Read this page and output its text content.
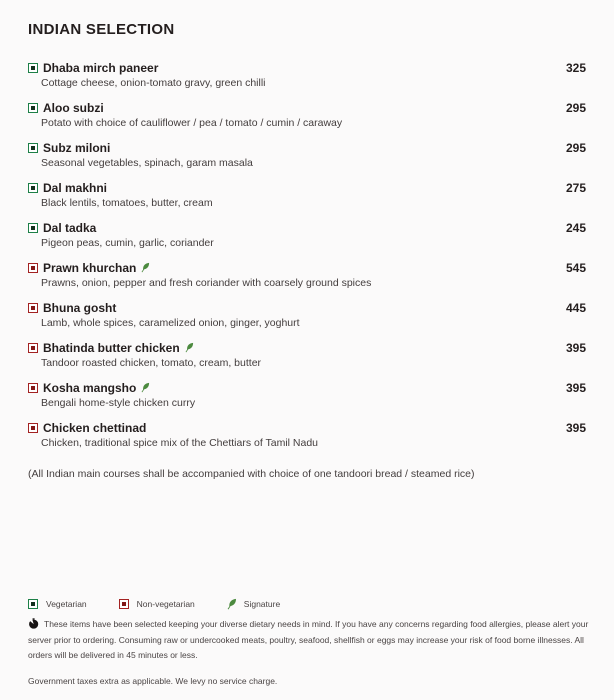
INDIAN SELECTION
Dhaba mirch paneer	325
Cottage cheese, onion-tomato gravy, green chilli
Aloo subzi	295
Potato with choice of cauliflower / pea / tomato / cumin / caraway
Subz miloni	295
Seasonal vegetables, spinach, garam masala
Dal makhni	275
Black lentils, tomatoes, butter, cream
Dal tadka	245
Pigeon peas, cumin, garlic, coriander
Prawn khurchan	545
Prawns, onion, pepper and fresh coriander with coarsely ground spices
Bhuna gosht	445
Lamb, whole spices, caramelized onion, ginger, yoghurt
Bhatinda butter chicken	395
Tandoor roasted chicken, tomato, cream, butter
Kosha mangsho	395
Bengali home-style chicken curry
Chicken chettinad	395
Chicken, traditional spice mix of the Chettiars of Tamil Nadu

(All Indian main courses shall be accompanied with choice of one tandoori bread / steamed rice)

Vegetarian	Non-vegetarian	Signature

These items have been selected keeping your diverse dietary needs in mind. If you have any concerns regarding food allergies, please alert your server prior to ordering. Consuming raw or undercooked meats, poultry, seafood, shellfish or eggs may increase your risk of food borne illnesses. All orders will be delivered in 45 minutes or less.

Government taxes extra as applicable. We levy no service charge.
